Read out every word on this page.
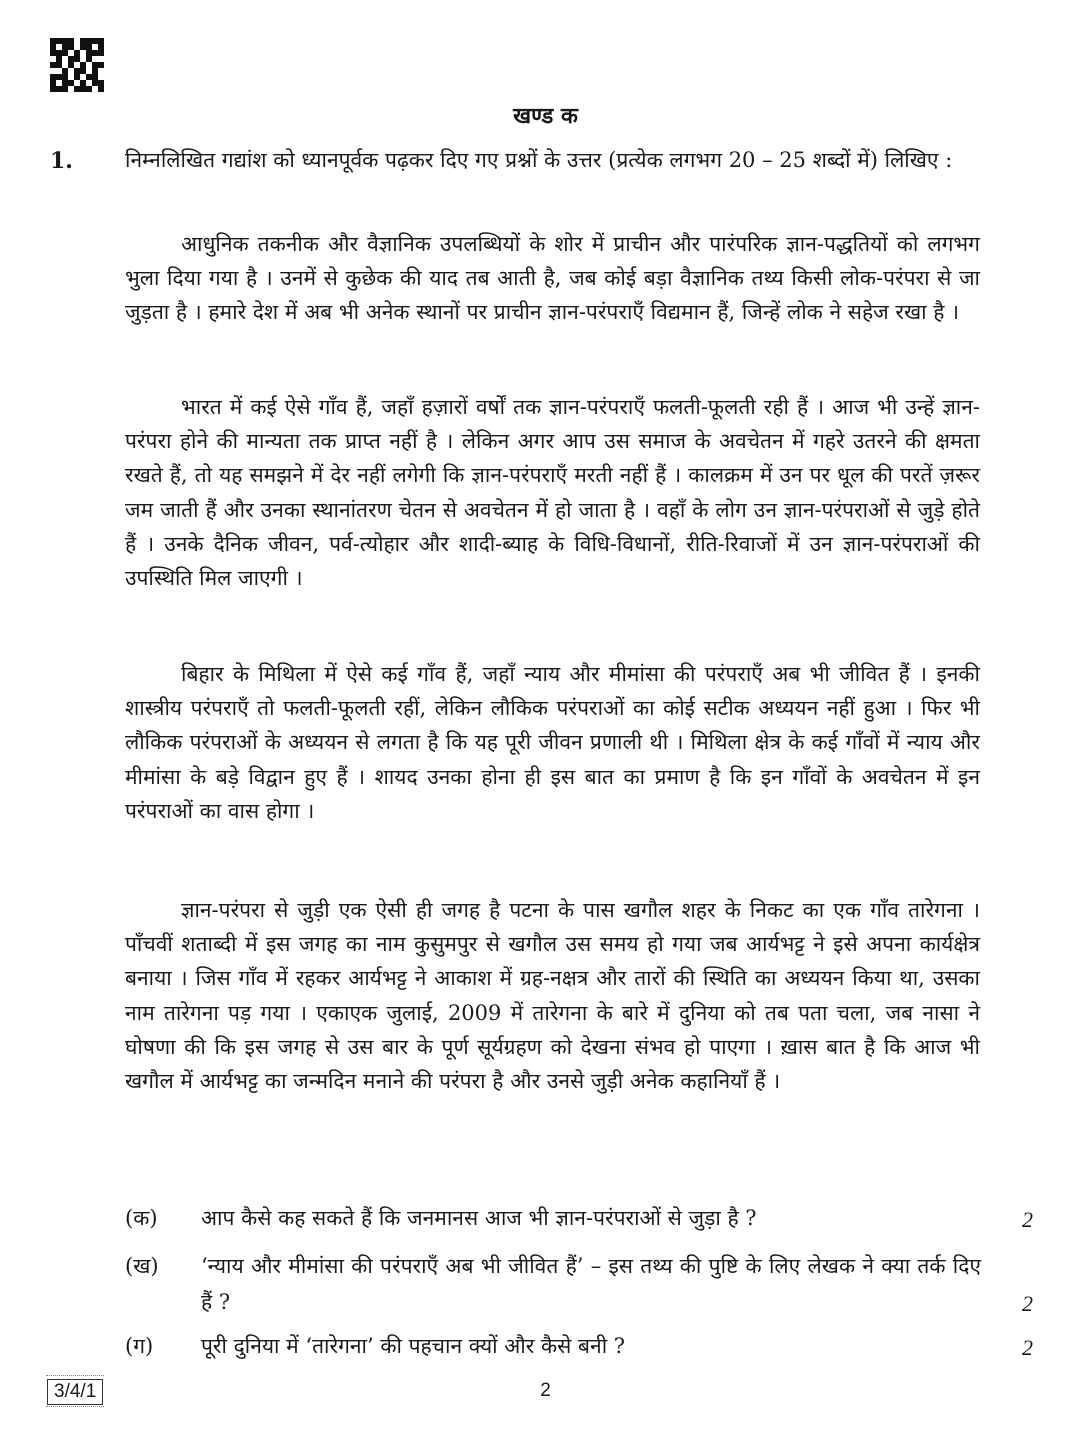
खण्ड क
1. निम्नलिखित गद्यांश को ध्यानपूर्वक पढ़कर दिए गए प्रश्नों के उत्तर (प्रत्येक लगभग 20 – 25 शब्दों में) लिखिए :

आधुनिक तकनीक और वैज्ञानिक उपलब्धियों के शोर में प्राचीन और पारंपरिक ज्ञान-पद्धतियों को लगभग भुला दिया गया है । उनमें से कुछेक की याद तब आती है, जब कोई बड़ा वैज्ञानिक तथ्य किसी लोक-परंपरा से जा जुड़ता है । हमारे देश में अब भी अनेक स्थानों पर प्राचीन ज्ञान-परंपराएँ विद्यमान हैं, जिन्हें लोक ने सहेज रखा है ।

भारत में कई ऐसे गाँव हैं, जहाँ हज़ारों वर्षों तक ज्ञान-परंपराएँ फलती-फूलती रही हैं । आज भी उन्हें ज्ञान-परंपरा होने की मान्यता तक प्राप्त नहीं है । लेकिन अगर आप उस समाज के अवचेतन में गहरे उतरने की क्षमता रखते हैं, तो यह समझने में देर नहीं लगेगी कि ज्ञान-परंपराएँ मरती नहीं हैं । कालक्रम में उन पर धूल की परतें ज़रूर जम जाती हैं और उनका स्थानांतरण चेतन से अवचेतन में हो जाता है । वहाँ के लोग उन ज्ञान-परंपराओं से जुड़े होते हैं । उनके दैनिक जीवन, पर्व-त्योहार और शादी-ब्याह के विधि-विधानों, रीति-रिवाजों में उन ज्ञान-परंपराओं की उपस्थिति मिल जाएगी ।

बिहार के मिथिला में ऐसे कई गाँव हैं, जहाँ न्याय और मीमांसा की परंपराएँ अब भी जीवित हैं । इनकी शास्त्रीय परंपराएँ तो फलती-फूलती रहीं, लेकिन लौकिक परंपराओं का कोई सटीक अध्ययन नहीं हुआ । फिर भी लौकिक परंपराओं के अध्ययन से लगता है कि यह पूरी जीवन प्रणाली थी । मिथिला क्षेत्र के कई गाँवों में न्याय और मीमांसा के बड़े विद्वान हुए हैं । शायद उनका होना ही इस बात का प्रमाण है कि इन गाँवों के अवचेतन में इन परंपराओं का वास होगा ।

ज्ञान-परंपरा से जुड़ी एक ऐसी ही जगह है पटना के पास खगौल शहर के निकट का एक गाँव तारेगना । पाँचवीं शताब्दी में इस जगह का नाम कुसुमपुर से खगौल उस समय हो गया जब आर्यभट्ट ने इसे अपना कार्यक्षेत्र बनाया । जिस गाँव में रहकर आर्यभट्ट ने आकाश में ग्रह-नक्षत्र और तारों की स्थिति का अध्ययन किया था, उसका नाम तारेगना पड़ गया । एकाएक जुलाई, 2009 में तारेगना के बारे में दुनिया को तब पता चला, जब नासा ने घोषणा की कि इस जगह से उस बार के पूर्ण सूर्यग्रहण को देखना संभव हो पाएगा । ख़ास बात है कि आज भी खगौल में आर्यभट्ट का जन्मदिन मनाने की परंपरा है और उनसे जुड़ी अनेक कहानियाँ हैं ।

(क) आप कैसे कह सकते हैं कि जनमानस आज भी ज्ञान-परंपराओं से जुड़ा है ?	2
(ख) ‘न्याय और मीमांसा की परंपराएँ अब भी जीवित हैं’ – इस तथ्य की पुष्टि के लिए लेखक ने क्या तर्क दिए हैं ?	2
(ग) पूरी दुनिया में ‘तारेगना’ की पहचान क्यों और कैसे बनी ?	2
3/4/1	2
